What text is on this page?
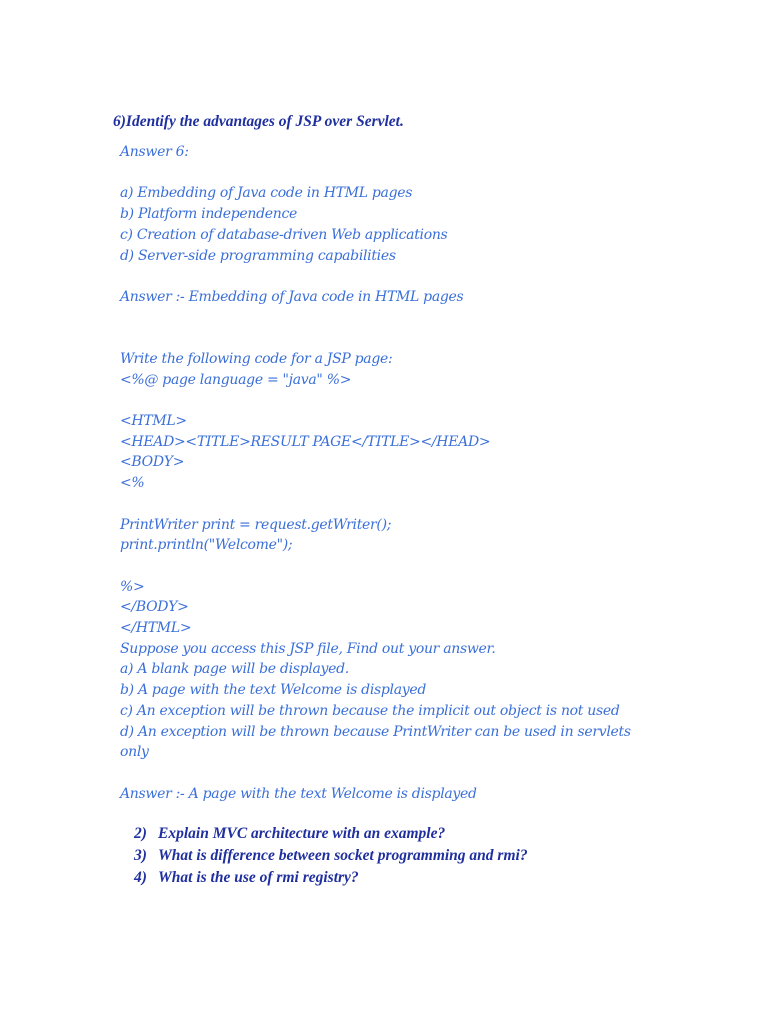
6)Identify the advantages of JSP over Servlet.
Answer 6:
a) Embedding of Java code in HTML pages
b) Platform independence
c) Creation of database-driven Web applications
d) Server-side programming capabilities
Answer :- Embedding of Java code in HTML pages
Write the following code for a JSP page:
<%@ page language = "java" %>
<HTML>
<HEAD><TITLE>RESULT PAGE</TITLE></HEAD>
<BODY>
<%
PrintWriter print = request.getWriter();
print.println("Welcome");
%>
</BODY>
</HTML>
Suppose you access this JSP file, Find out your answer.
a) A blank page will be displayed.
b) A page with the text Welcome is displayed
c) An exception will be thrown because the implicit out object is not used
d) An exception will be thrown because PrintWriter can be used in servlets only
Answer :- A page with the text Welcome is displayed
2) Explain MVC architecture with an example?
3) What is difference between socket programming and rmi?
4) What is the use of rmi registry?
